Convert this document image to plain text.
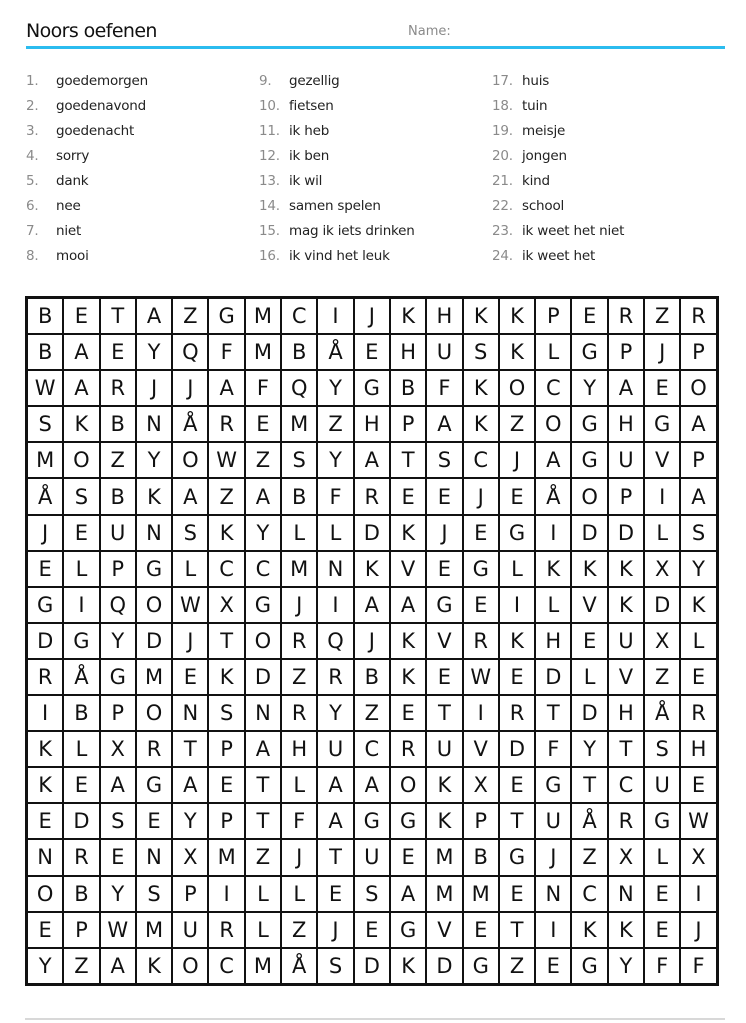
Noors oefenen	Name:
1.	goedemorgen
2.	goedenavond
3.	goedenacht
4.	sorry
5.	dank
6.	nee
7.	niet
8.	mooi
9.	gezellig
10. fietsen
11. ik heb
12. ik ben
13. ik wil
14. samen spelen
15. mag ik iets drinken
16. ik vind het leuk
17. huis
18. tuin
19. meisje
20. jongen
21. kind
22. school
23. ik weet het niet
24. ik weet het
B	E	T	A	Z G M C	I	J	K	H	K	K	P	E	R	Z	R
B	A	E	Y	Q	F	M B	Å	E	H U	S	K	L	G	P	J	P
W A	R	J	J	A	F	Q	Y	G B	F	K	O C	Y	A	E	O
S	K	B	N	Å	R	E M Z	H	P	A	K	Z O G H G A
M O Z	Y	O W Z	S	Y	A	T	S	C	J	A G U	V	P
Å	S	B	K	A	Z	A	B	F	R	E	E	J	E	Å O	P	I	A
J	E	U N	S	K	Y	L	L	D	K	J	E	G	I	D D	L	S
E	L	P	G	L	C	C M N	K	V	E	G	L	K	K	K	X	Y
G	I	Q O W X G	J	I	A	A G	E	I	L	V	K	D	K
D G	Y	D	J	T	O R Q	J	K	V	R	K	H	E	U	X	L
R	Å G M E	K	D	Z	R	B	K	E W E	D	L	V	Z	E
I	B	P	O N	S	N	R	Y	Z	E	T	I	R	T	D H	Å	R
K	L	X	R	T	P	A	H U	C	R	U	V	D	F	Y	T	S	H
K	E	A G A	E	T	L	A	A O	K	X	E	G	T	C	U	E
E	D	S	E	Y	P	T	F	A G G	K	P	T	U	Å	R G W
N	R	E	N	X M Z	J	T	U	E M B G	J	Z	X	L	X
O B	Y	S	P	I	L	L	E	S	A M M E	N	C	N	E	I
E	P W M U	R	L	Z	J	E	G V	E	T	I	K	K	E	J
Y	Z	A	K	O C M Å	S	D	K	D G Z	E	G	Y	F	F
